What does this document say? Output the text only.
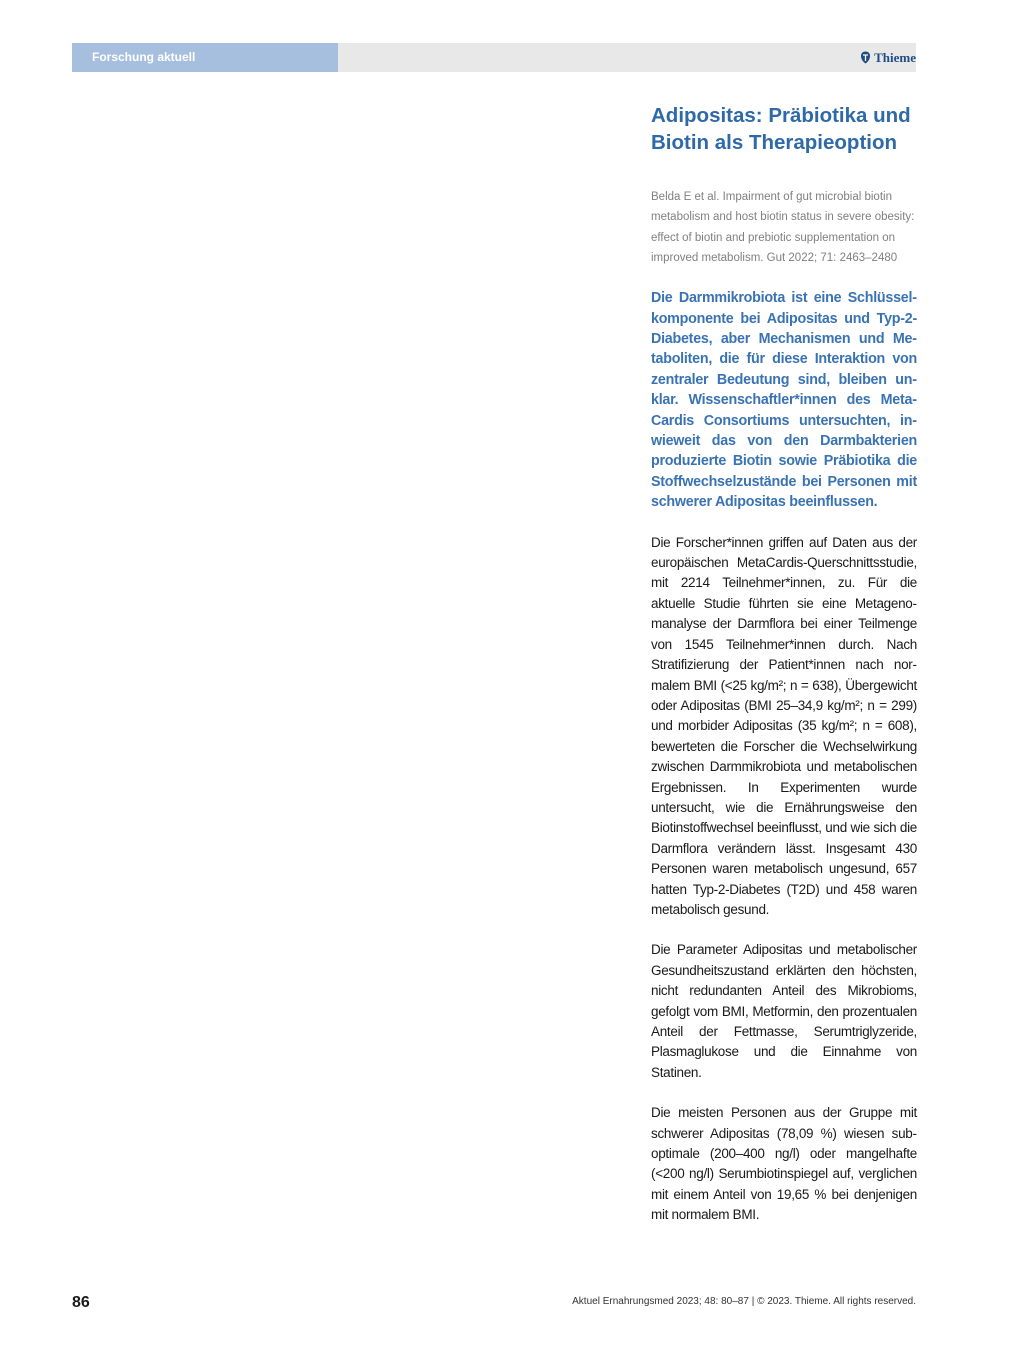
Forschung aktuell	Thieme
Adipositas: Präbiotika und Biotin als Therapieoption

Belda E et al. Impairment of gut microbial biotin metabolism and host biotin status in severe obesity: effect of biotin and prebiotic supplementation on improved metabolism. Gut 2022; 71: 2463–2480

Die Darmmikrobiota ist eine Schlüsselkomponente bei Adipositas und Typ-2-Diabetes, aber Mechanismen und Metaboliten, die für diese Interaktion von zentraler Bedeutung sind, bleiben unklar. Wissenschaftler*innen des MetaCardis Consortiums untersuchten, inwieweit das von den Darmbakterien produzierte Biotin sowie Präbiotika die Stoffwechselzustände bei Personen mit schwerer Adipositas beeinflussen.

Die Forscher*innen griffen auf Daten aus der europäischen MetaCardis-Querschnittsstudie, mit 2214 Teilnehmer*innen, zu. Für die aktuelle Studie führten sie eine Metagenomanalyse der Darmflora bei einer Teilmenge von 1545 Teilnehmer*innen durch. Nach Stratifizierung der Patient*innen nach normalem BMI (<25 kg/m²; n = 638), Übergewicht oder Adipositas (BMI 25–34,9 kg/m²; n = 299) und morbider Adipositas (35 kg/m²; n = 608), bewerteten die Forscher die Wechselwirkung zwischen Darmmikrobiota und metabolischen Ergebnissen. In Experimenten wurde untersucht, wie die Ernährungsweise den Biotinstoffwechsel beeinflusst, und wie sich die Darmflora verändern lässt. Insgesamt 430 Personen waren metabolisch ungesund, 657 hatten Typ-2-Diabetes (T2D) und 458 waren metabolisch gesund.

Die Parameter Adipositas und metabolischer Gesundheitszustand erklärten den höchsten, nicht redundanten Anteil des Mikrobioms, gefolgt vom BMI, Metformin, den prozentualen Anteil der Fettmasse, Serumtriglyzeride, Plasmaglukose und die Einnahme von Statinen.

Die meisten Personen aus der Gruppe mit schwerer Adipositas (78,09 %) wiesen suboptimale (200–400 ng/l) oder mangelhafte (<200 ng/l) Serumbiotinspiegel auf, verglichen mit einem Anteil von 19,65 % bei denjenigen mit normalem BMI.

86	Aktuel Ernahrungsmed 2023; 48: 80–87 | © 2023. Thieme. All rights reserved.
